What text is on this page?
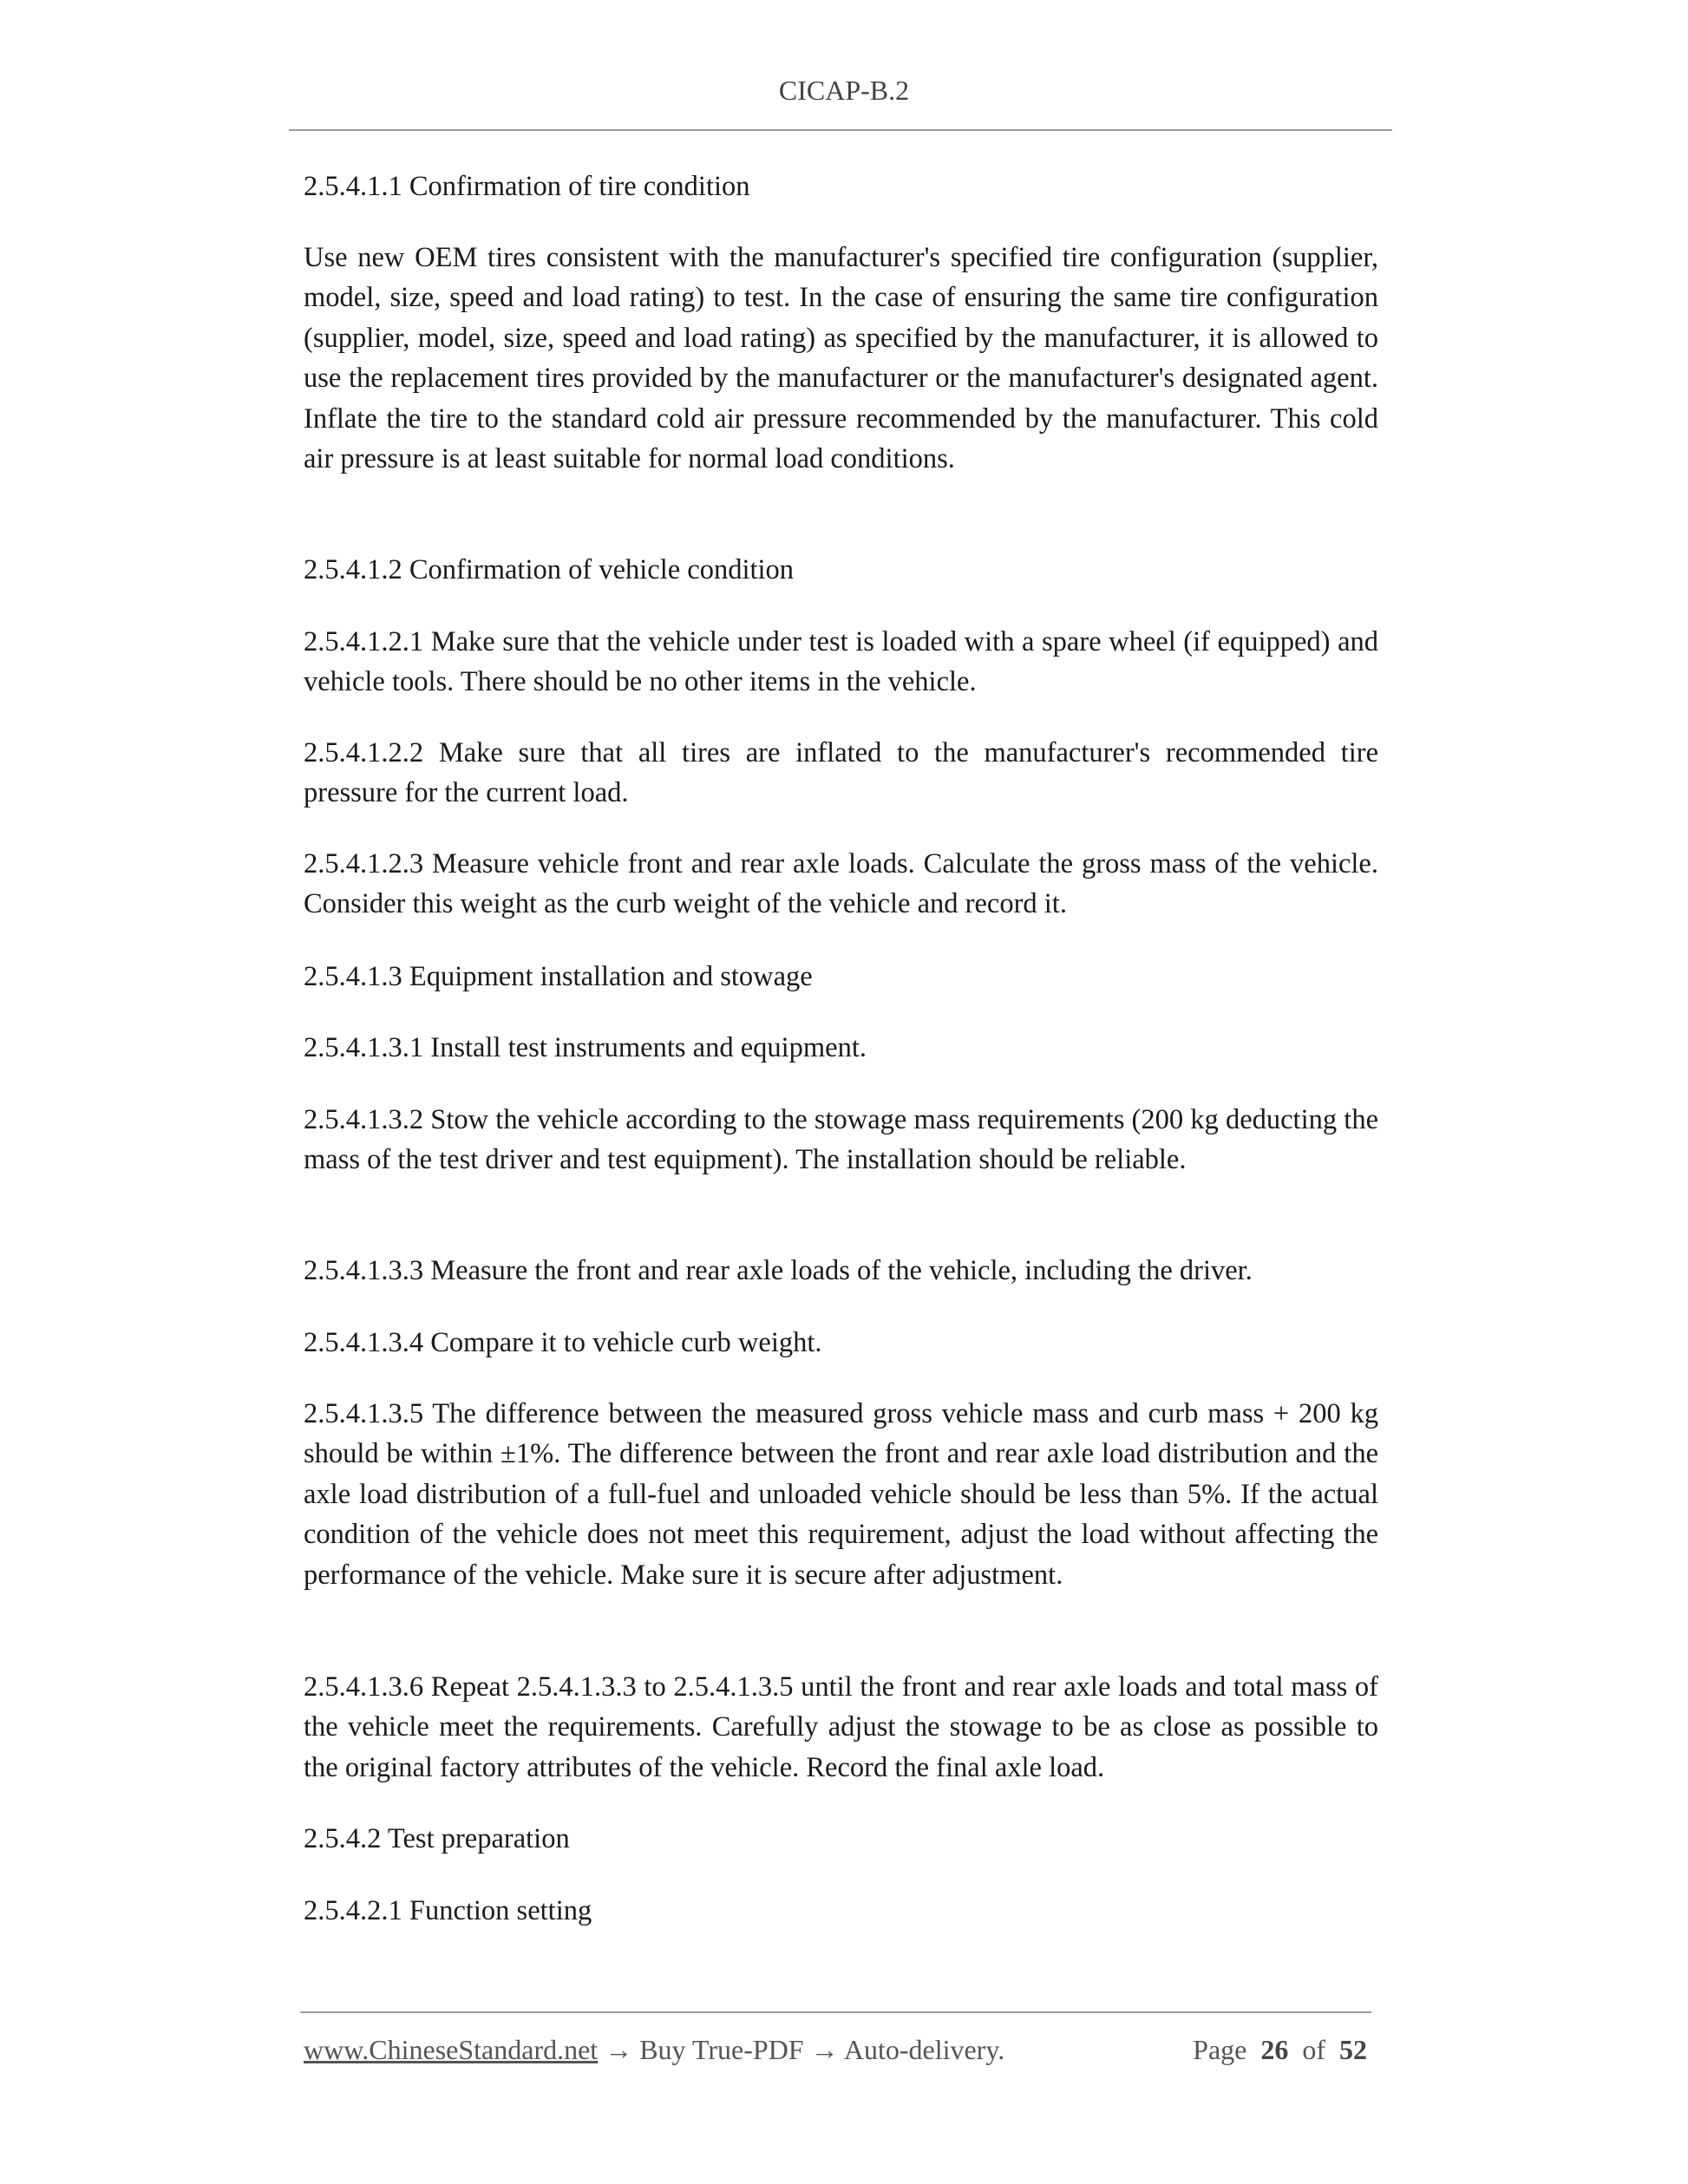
CICAP-B.2

2.5.4.1.1 Confirmation of tire condition

Use new OEM tires consistent with the manufacturer's specified tire configuration (supplier, model, size, speed and load rating) to test. In the case of ensuring the same tire configuration (supplier, model, size, speed and load rating) as specified by the manufacturer, it is allowed to use the replacement tires provided by the manufacturer or the manufacturer's designated agent. Inflate the tire to the standard cold air pressure recommended by the manufacturer. This cold air pressure is at least suitable for normal load conditions.

2.5.4.1.2 Confirmation of vehicle condition

2.5.4.1.2.1 Make sure that the vehicle under test is loaded with a spare wheel (if equipped) and vehicle tools. There should be no other items in the vehicle.

2.5.4.1.2.2 Make sure that all tires are inflated to the manufacturer's recommended tire pressure for the current load.

2.5.4.1.2.3 Measure vehicle front and rear axle loads. Calculate the gross mass of the vehicle. Consider this weight as the curb weight of the vehicle and record it.

2.5.4.1.3 Equipment installation and stowage

2.5.4.1.3.1 Install test instruments and equipment.

2.5.4.1.3.2 Stow the vehicle according to the stowage mass requirements (200 kg deducting the mass of the test driver and test equipment). The installation should be reliable.

2.5.4.1.3.3 Measure the front and rear axle loads of the vehicle, including the driver.

2.5.4.1.3.4 Compare it to vehicle curb weight.

2.5.4.1.3.5 The difference between the measured gross vehicle mass and curb mass + 200 kg should be within ±1%. The difference between the front and rear axle load distribution and the axle load distribution of a full-fuel and unloaded vehicle should be less than 5%. If the actual condition of the vehicle does not meet this requirement, adjust the load without affecting the performance of the vehicle. Make sure it is secure after adjustment.

2.5.4.1.3.6 Repeat 2.5.4.1.3.3 to 2.5.4.1.3.5 until the front and rear axle loads and total mass of the vehicle meet the requirements. Carefully adjust the stowage to be as close as possible to the original factory attributes of the vehicle. Record the final axle load.

2.5.4.2 Test preparation

2.5.4.2.1 Function setting

www.ChineseStandard.net → Buy True-PDF → Auto-delivery.	Page 26 of 52
